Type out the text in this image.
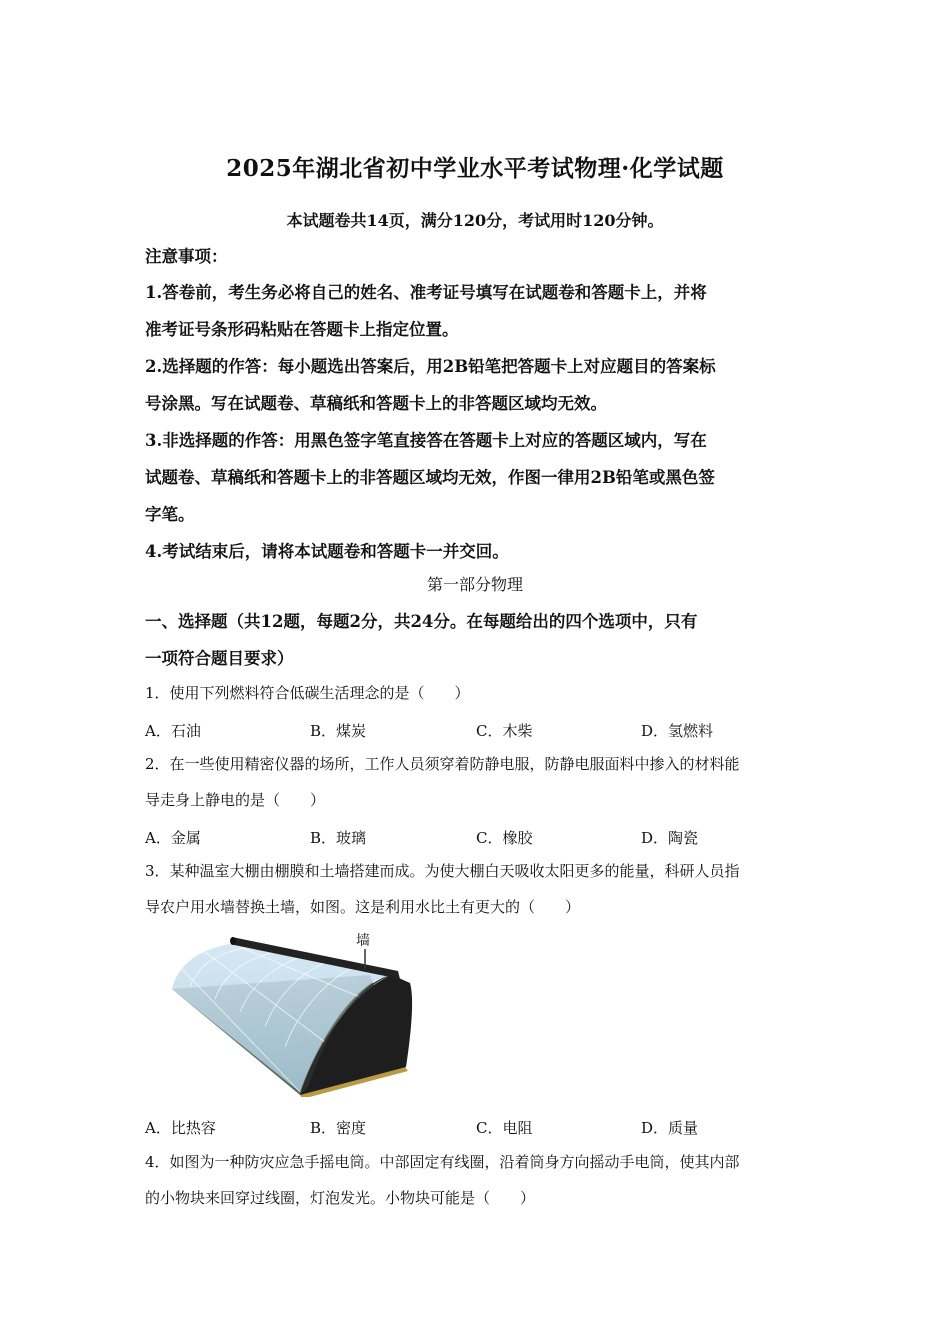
2025年湖北省初中学业水平考试物理·化学试题
本试题卷共14页，满分120分，考试用时120分钟。
注意事项：
1.答卷前，考生务必将自己的姓名、准考证号填写在试题卷和答题卡上，并将
准考证号条形码粘贴在答题卡上指定位置。
2.选择题的作答：每小题选出答案后，用2B铅笔把答题卡上对应题目的答案标
号涂黑。写在试题卷、草稿纸和答题卡上的非答题区域均无效。
3.非选择题的作答：用黑色签字笔直接答在答题卡上对应的答题区域内，写在
试题卷、草稿纸和答题卡上的非答题区域均无效，作图一律用2B铅笔或黑色签
字笔。
4.考试结束后，请将本试题卷和答题卡一并交回。
第一部分物理
一、选择题（共12题，每题2分，共24分。在每题给出的四个选项中，只有
一项符合题目要求）
1．使用下列燃料符合低碳生活理念的是（　　）
A．石油	B．煤炭	C．木柴	D．氢燃料
2．在一些使用精密仪器的场所，工作人员须穿着防静电服，防静电服面料中掺入的材料能
导走身上静电的是（　　）
A．金属	B．玻璃	C．橡胶	D．陶瓷
3．某种温室大棚由棚膜和土墙搭建而成。为使大棚白天吸收太阳更多的能量，科研人员指
导农户用水墙替换土墙，如图。这是利用水比土有更大的（　　）
墙
A．比热容	B．密度	C．电阻	D．质量
4．如图为一种防灾应急手摇电筒。中部固定有线圈，沿着筒身方向摇动手电筒，使其内部
的小物块来回穿过线圈，灯泡发光。小物块可能是（　　）
